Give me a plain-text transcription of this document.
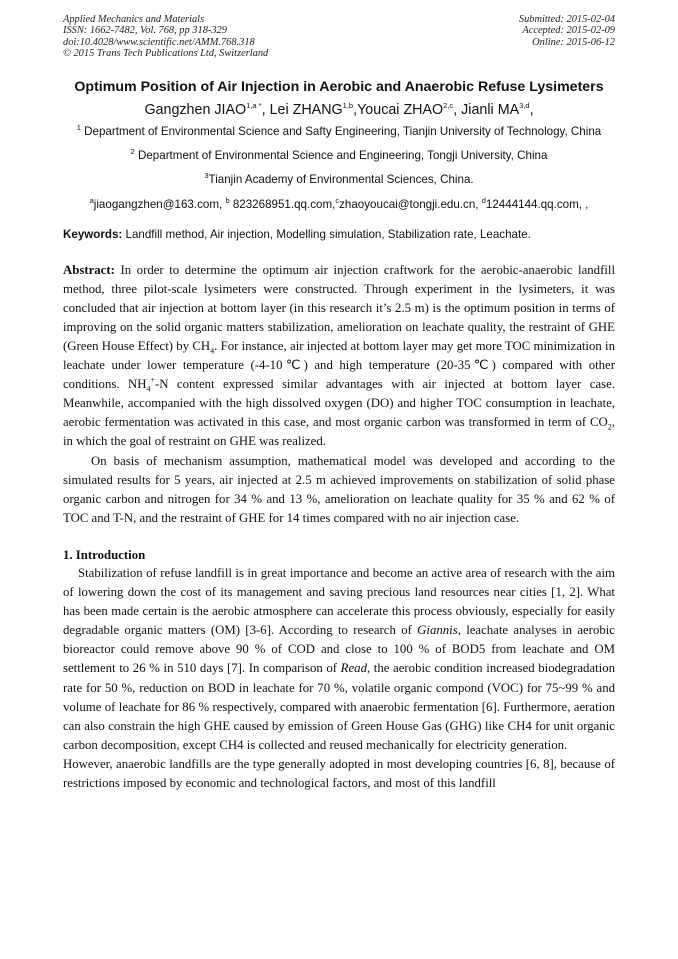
Applied Mechanics and Materials
ISSN: 1662-7482, Vol. 768, pp 318-329
doi:10.4028/www.scientific.net/AMM.768.318
© 2015 Trans Tech Publications Ltd, Switzerland
Submitted: 2015-02-04
Accepted: 2015-02-09
Online: 2015-06-12
Optimum Position of Air Injection in Aerobic and Anaerobic Refuse Lysimeters
Gangzhen $JIAO^{1,a *}$, Lei ZHANG$^{1,b}$,Youcai ZHAO$^{2,c}$, Jianli MA$^{3,d}$,
$^1$ Department of Environmental Science and Safty Engineering, Tianjin University of Technology, China
$^2$ Department of Environmental Science and Engineering, Tongji University, China
$^3$Tianjin Academy of Environmental Sciences, China.
$^a$jiaogangzhen@163.com, $^b$ 823268951.qq.com,$^c$zhaoyoucai@tongji.edu.cn, $^d$12444144.qq.com, ,
Keywords: Landfill method, Air injection, Modelling simulation, Stabilization rate, Leachate.

Abstract: In order to determine the optimum air injection craftwork for the aerobic-anaerobic landfill method, three pilot-scale lysimeters were constructed. Through experiment in the lysimeters, it was concluded that air injection at bottom layer (in this research it’s 2.5 m) is the optimum position in terms of improving on the solid organic matters stabilization, amelioration on leachate quality, the restraint of GHE (Green House Effect) by $CH_4$. For instance, air injected at bottom layer may get more TOC minimization in leachate under lower temperature (-4-10℃) and high temperature (20-35℃) compared with other conditions. $NH_4^+-N$ content expressed similar advantages with air injected at bottom layer case. Meanwhile, accompanied with the high dissolved oxygen (DO) and higher TOC consumption in leachate, aerobic fermentation was activated in this case, and most organic carbon was transformed in term of $CO_2$, in which the goal of restraint on GHE was realized.

On basis of mechanism assumption, mathematical model was developed and according to the simulated results for 5 years, air injected at 2.5 m achieved improvements on stabilization of solid phase organic carbon and nitrogen for 34 % and 13 %, amelioration on leachate quality for 35 % and 62 % of TOC and T-N, and the restraint of GHE for 14 times compared with no air injection case.

1. Introduction

Stabilization of refuse landfill is in great importance and become an active area of research with the aim of lowering down the cost of its management and saving precious land resources near cities [1, 2]. What has been made certain is the aerobic atmosphere can accelerate this process obviously, especially for easily degradable organic matters (OM) [3-6]. According to research of Giannis, leachate analyses in aerobic bioreactor could remove above 90 % of COD and close to 100 % of BOD5 from leachate and OM settlement to 26 % in 510 days [7]. In comparison of Read, the aerobic condition increased biodegradation rate for 50 %, reduction on BOD in leachate for 70 %, volatile organic compond (VOC) for 75~99 % and volume of leachate for 86 % respectively, compared with anaerobic fermentation [6]. Furthermore, aeration can also constrain the high GHE caused by emission of Green House Gas (GHG) like CH4 for unit organic carbon decomposition, except CH4 is collected and reused mechanically for electricity generation.

However, anaerobic landfills are the type generally adopted in most developing countries [6, 8], because of restrictions imposed by economic and technological factors, and most of this landfill
